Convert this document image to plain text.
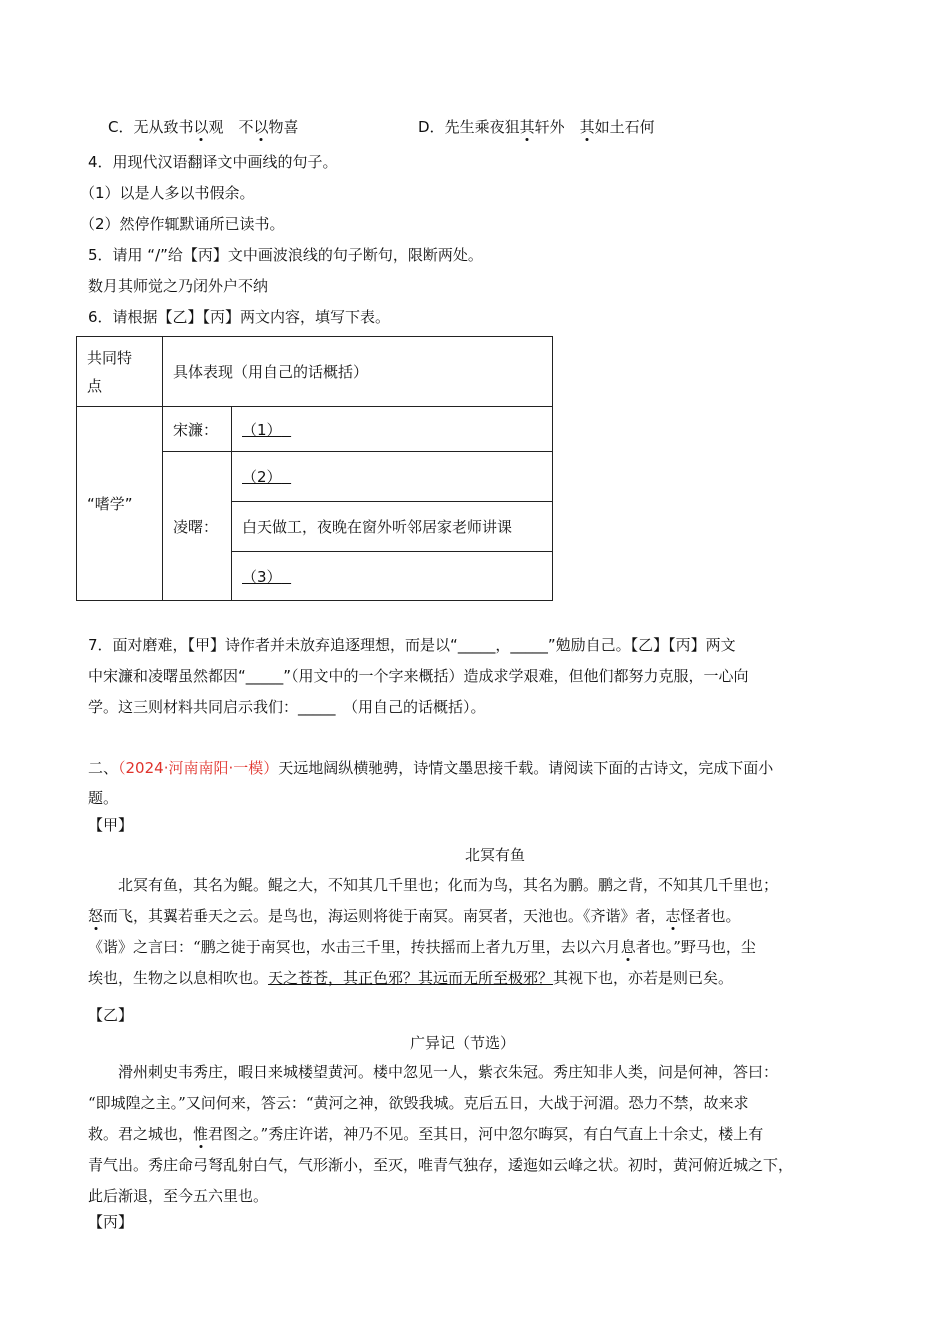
C．无从致书以观　不以物喜	D．先生乘夜狙其轩外　其如土石何
4．用现代汉语翻译文中画线的句子。
（1）以是人多以书假余。
（2）然停作辄默诵所已读书。
5．请用 “/”给【丙】文中画波浪线的句子断句，限断两处。
数月其师觉之乃闭外户不纳
6．请根据【乙】【丙】两文内容，填写下表。
共同特点	具体表现（用自己的话概括）	
“嗜学”	宋濂：	（1）
	凌曙：	（2）
		白天做工，夜晚在窗外听邻居家老师讲课
		（3）
7．面对磨难，【甲】诗作者并未放弃追逐理想，而是以“_____，_____”勉励自己。【乙】【丙】两文
中宋濂和凌曙虽然都因“_____”（用文中的一个字来概括）造成求学艰难，但他们都努力克服，一心向
学。这三则材料共同启示我们：_____　（用自己的话概括）。
二、（2024·河南南阳·一模）天远地阔纵横驰骋，诗情文墨思接千载。请阅读下面的古诗文，完成下面小
题。
【甲】
北冥有鱼

北冥有鱼，其名为鲲。鲲之大，不知其几千里也；化而为鸟，其名为鹏。鹏之背，不知其几千里也；

怒而飞，其翼若垂天之云。是鸟也，海运则将徙于南冥。南冥者，天池也。《齐谐》者，志怪者也。

《谐》之言曰：“鹏之徙于南冥也，水击三千里，抟扶摇而上者九万里，去以六月息者也。”野马也，尘

埃也，生物之以息相吹也。天之苍苍，其正色邪？其远而无所至极邪？其视下也，亦若是则已矣。

【乙】
广异记（节选）

滑州刺史韦秀庄，暇日来城楼望黄河。楼中忽见一人，紫衣朱冠。秀庄知非人类，问是何神，答曰：

“即城隍之主。”又问何来，答云：“黄河之神，欲毁我城。克后五日，大战于河湄。恐力不禁，故来求

救。君之城也，惟君图之。”秀庄许诺，神乃不见。至其日，河中忽尔晦冥，有白气直上十余丈，楼上有

青气出。秀庄命弓弩乱射白气，气形渐小，至灭，唯青气独存，逶迤如云峰之状。初时，黄河俯近城之下，

此后渐退，至今五六里也。

【丙】
